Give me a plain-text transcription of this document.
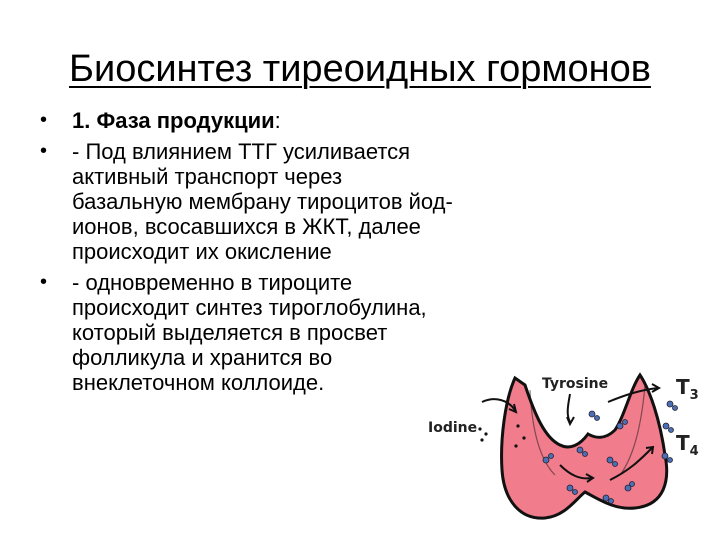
Биосинтез тиреоидных гормонов
• 1. Фаза продукции:
• - Под влиянием ТТГ усиливается активный транспорт через базальную мембрану тироцитов йод-ионов, всосавшихся в ЖКТ, далее происходит их окисление
• - одновременно в тироците происходит синтез тироглобулина, который выделяется в просвет фолликула и хранится во внеклеточном коллоиде.	Tyrosine
Iodine
$T_3$
$T_4$
